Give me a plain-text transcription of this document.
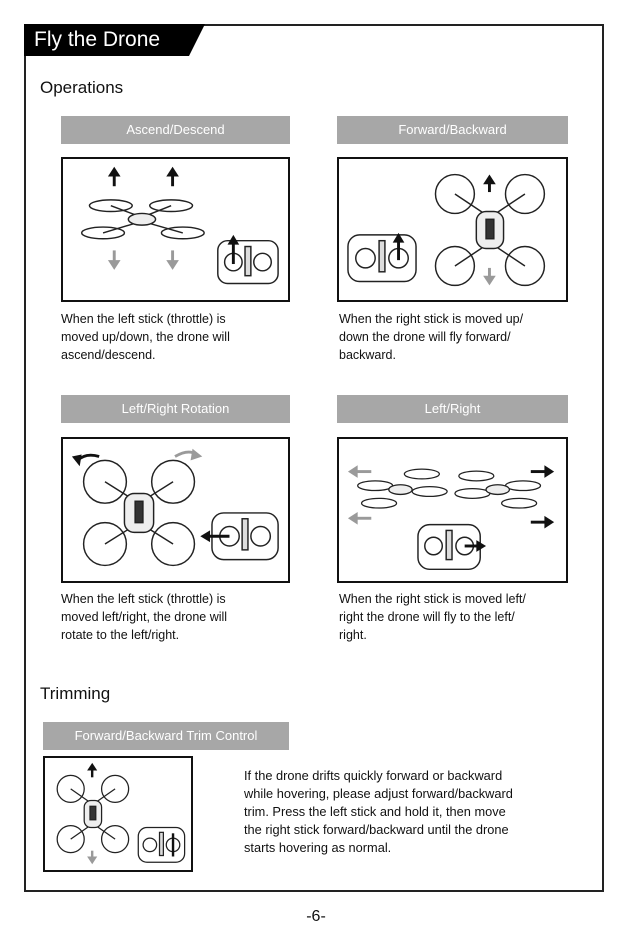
Fly the Drone
Operations
Ascend/Descend
When the left stick (throttle) is
moved up/down, the drone will
ascend/descend.
Forward/Backward
When the right stick is moved up/
down the drone will fly forward/
backward.
Left/Right Rotation
When the left stick (throttle) is
moved left/right, the drone will
rotate to the left/right.
Left/Right
When the right stick is moved left/
right the drone will fly to the left/
right.
Trimming
Forward/Backward Trim Control
If the drone drifts quickly forward or backward
while hovering, please adjust forward/backward
trim. Press the left stick and hold it, then move
the right stick forward/backward until the drone
starts hovering as normal.
-6-
